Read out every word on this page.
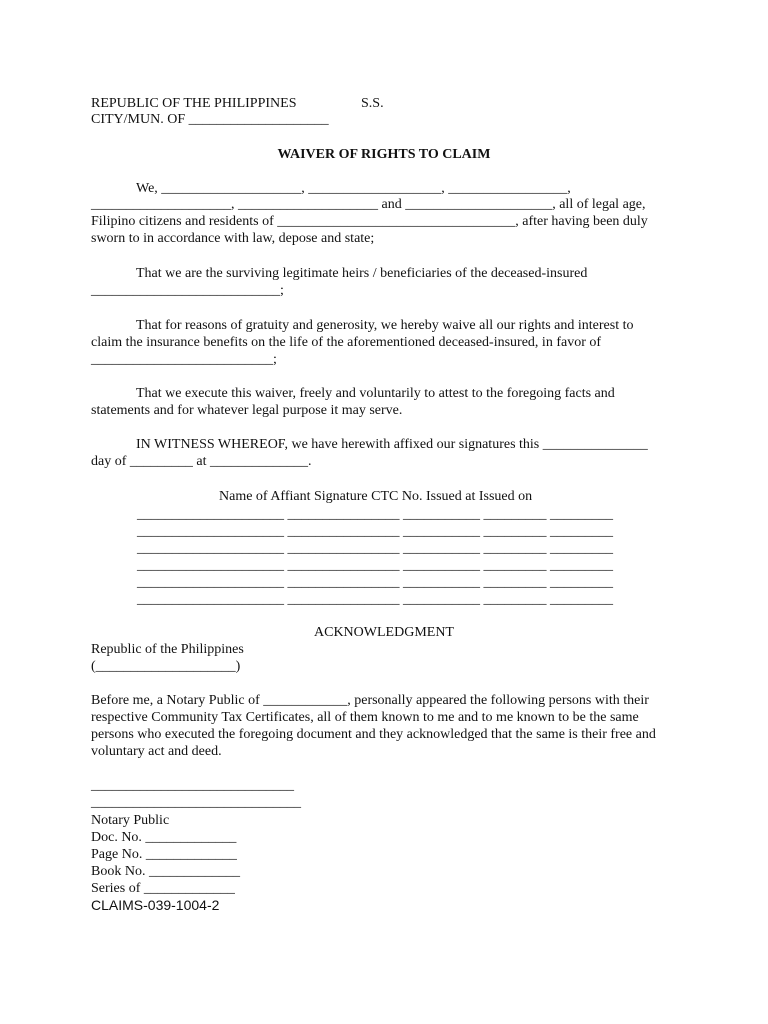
REPUBLIC OF THE PHILIPPINES	S.S.
CITY/MUN. OF ____________________
WAIVER OF RIGHTS TO CLAIM
We, ____________________, ___________________, _________________,
____________________, ____________________ and _____________________, all of legal age,
Filipino citizens and residents of __________________________________, after having been duly
sworn to in accordance with law, depose and state;
That we are the surviving legitimate heirs / beneficiaries of the deceased-insured
___________________________;
That for reasons of gratuity and generosity, we hereby waive all our rights and interest to
claim the insurance benefits on the life of the aforementioned deceased-insured, in favor of
__________________________;
That we execute this waiver, freely and voluntarily to attest to the foregoing facts and
statements and for whatever legal purpose it may serve.
IN WITNESS WHEREOF, we have herewith affixed our signatures this _______________
day of _________ at ______________.
Name of Affiant Signature CTC No. Issued at Issued on
_____________________ ________________ ___________ _________ _________
_____________________ ________________ ___________ _________ _________
_____________________ ________________ ___________ _________ _________
_____________________ ________________ ___________ _________ _________
_____________________ ________________ ___________ _________ _________
_____________________ ________________ ___________ _________ _________
ACKNOWLEDGMENT
Republic of the Philippines
(____________________)
Before me, a Notary Public of ____________, personally appeared the following persons with their
respective Community Tax Certificates, all of them known to me and to me known to be the same
persons who executed the foregoing document and they acknowledged that the same is their free and
voluntary act and deed.
_____________________________
______________________________
Notary Public
Doc. No. _____________
Page No. _____________
Book No. _____________
Series of _____________
CLAIMS-039-1004-2
